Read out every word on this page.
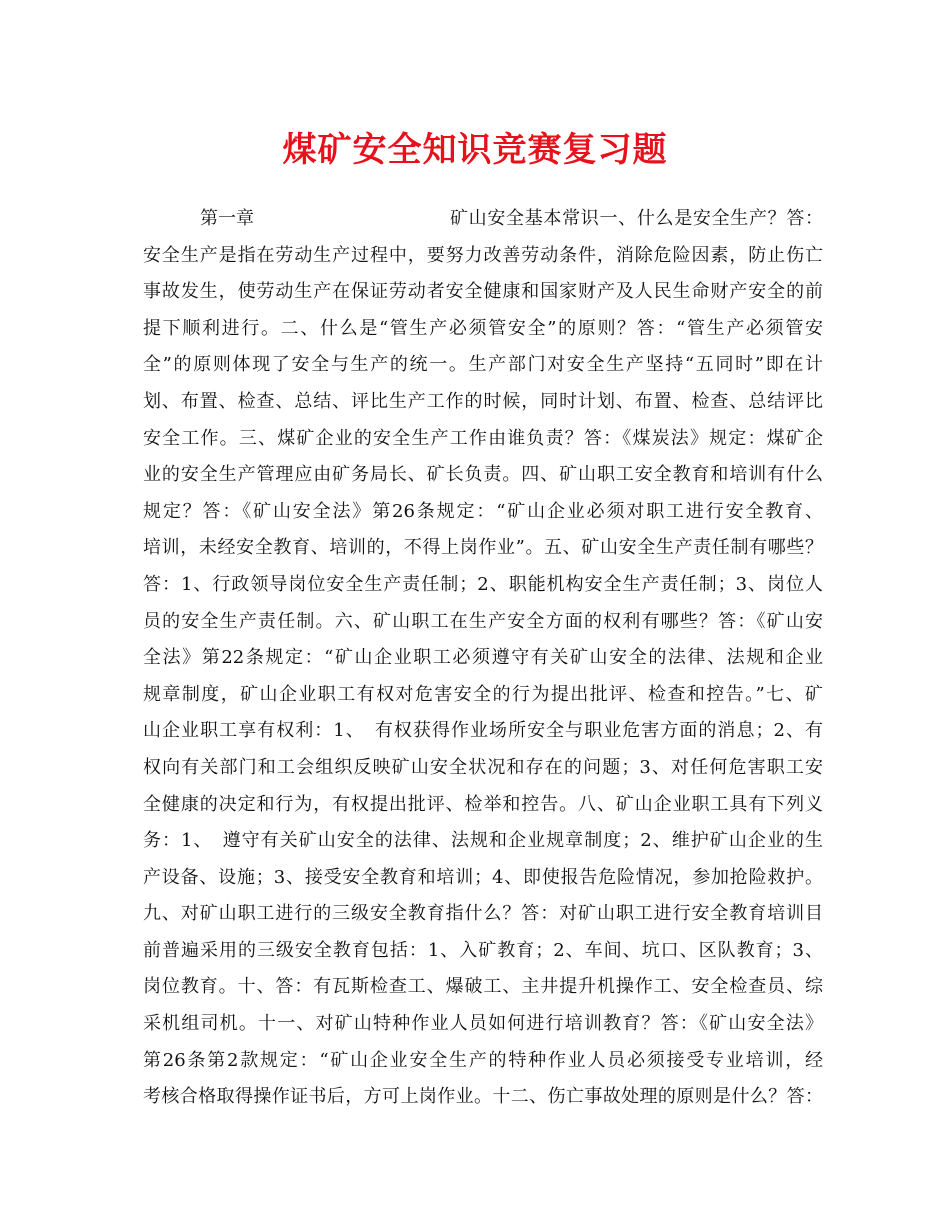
煤矿安全知识竞赛复习题
第一章	矿山安全基本常识一、什么是安全生产？答：
安全生产是指在劳动生产过程中，要努力改善劳动条件，消除危险因素，防止伤亡
事故发生，使劳动生产在保证劳动者安全健康和国家财产及人民生命财产安全的前
提下顺利进行。二、什么是“管生产必须管安全”的原则？答：“管生产必须管安
全”的原则体现了安全与生产的统一。生产部门对安全生产坚持“五同时”即在计
划、布置、检查、总结、评比生产工作的时候，同时计划、布置、检查、总结评比
安全工作。三、煤矿企业的安全生产工作由谁负责？答：《煤炭法》规定：煤矿企
业的安全生产管理应由矿务局长、矿长负责。四、矿山职工安全教育和培训有什么
规定？答：《矿山安全法》第26条规定：“矿山企业必须对职工进行安全教育、
培训，未经安全教育、培训的，不得上岗作业”。五、矿山安全生产责任制有哪些？
答：1、行政领导岗位安全生产责任制；2、职能机构安全生产责任制；3、岗位人
员的安全生产责任制。六、矿山职工在生产安全方面的权利有哪些？答：《矿山安
全法》第22条规定：“矿山企业职工必须遵守有关矿山安全的法律、法规和企业
规章制度，矿山企业职工有权对危害安全的行为提出批评、检查和控告。”七、矿
山企业职工享有权利：1、　有权获得作业场所安全与职业危害方面的消息；2、有
权向有关部门和工会组织反映矿山安全状况和存在的问题；3、对任何危害职工安
全健康的决定和行为，有权提出批评、检举和控告。八、矿山企业职工具有下列义
务：1、　遵守有关矿山安全的法律、法规和企业规章制度；2、维护矿山企业的生
产设备、设施；3、接受安全教育和培训；4、即使报告危险情况，参加抢险救护。
九、对矿山职工进行的三级安全教育指什么？答：对矿山职工进行安全教育培训目
前普遍采用的三级安全教育包括：1、入矿教育；2、车间、坑口、区队教育；3、
岗位教育。十、答：有瓦斯检查工、爆破工、主井提升机操作工、安全检查员、综
采机组司机。十一、对矿山特种作业人员如何进行培训教育？答：《矿山安全法》
第26条第2款规定：“矿山企业安全生产的特种作业人员必须接受专业培训，经
考核合格取得操作证书后，方可上岗作业。十二、伤亡事故处理的原则是什么？答：
